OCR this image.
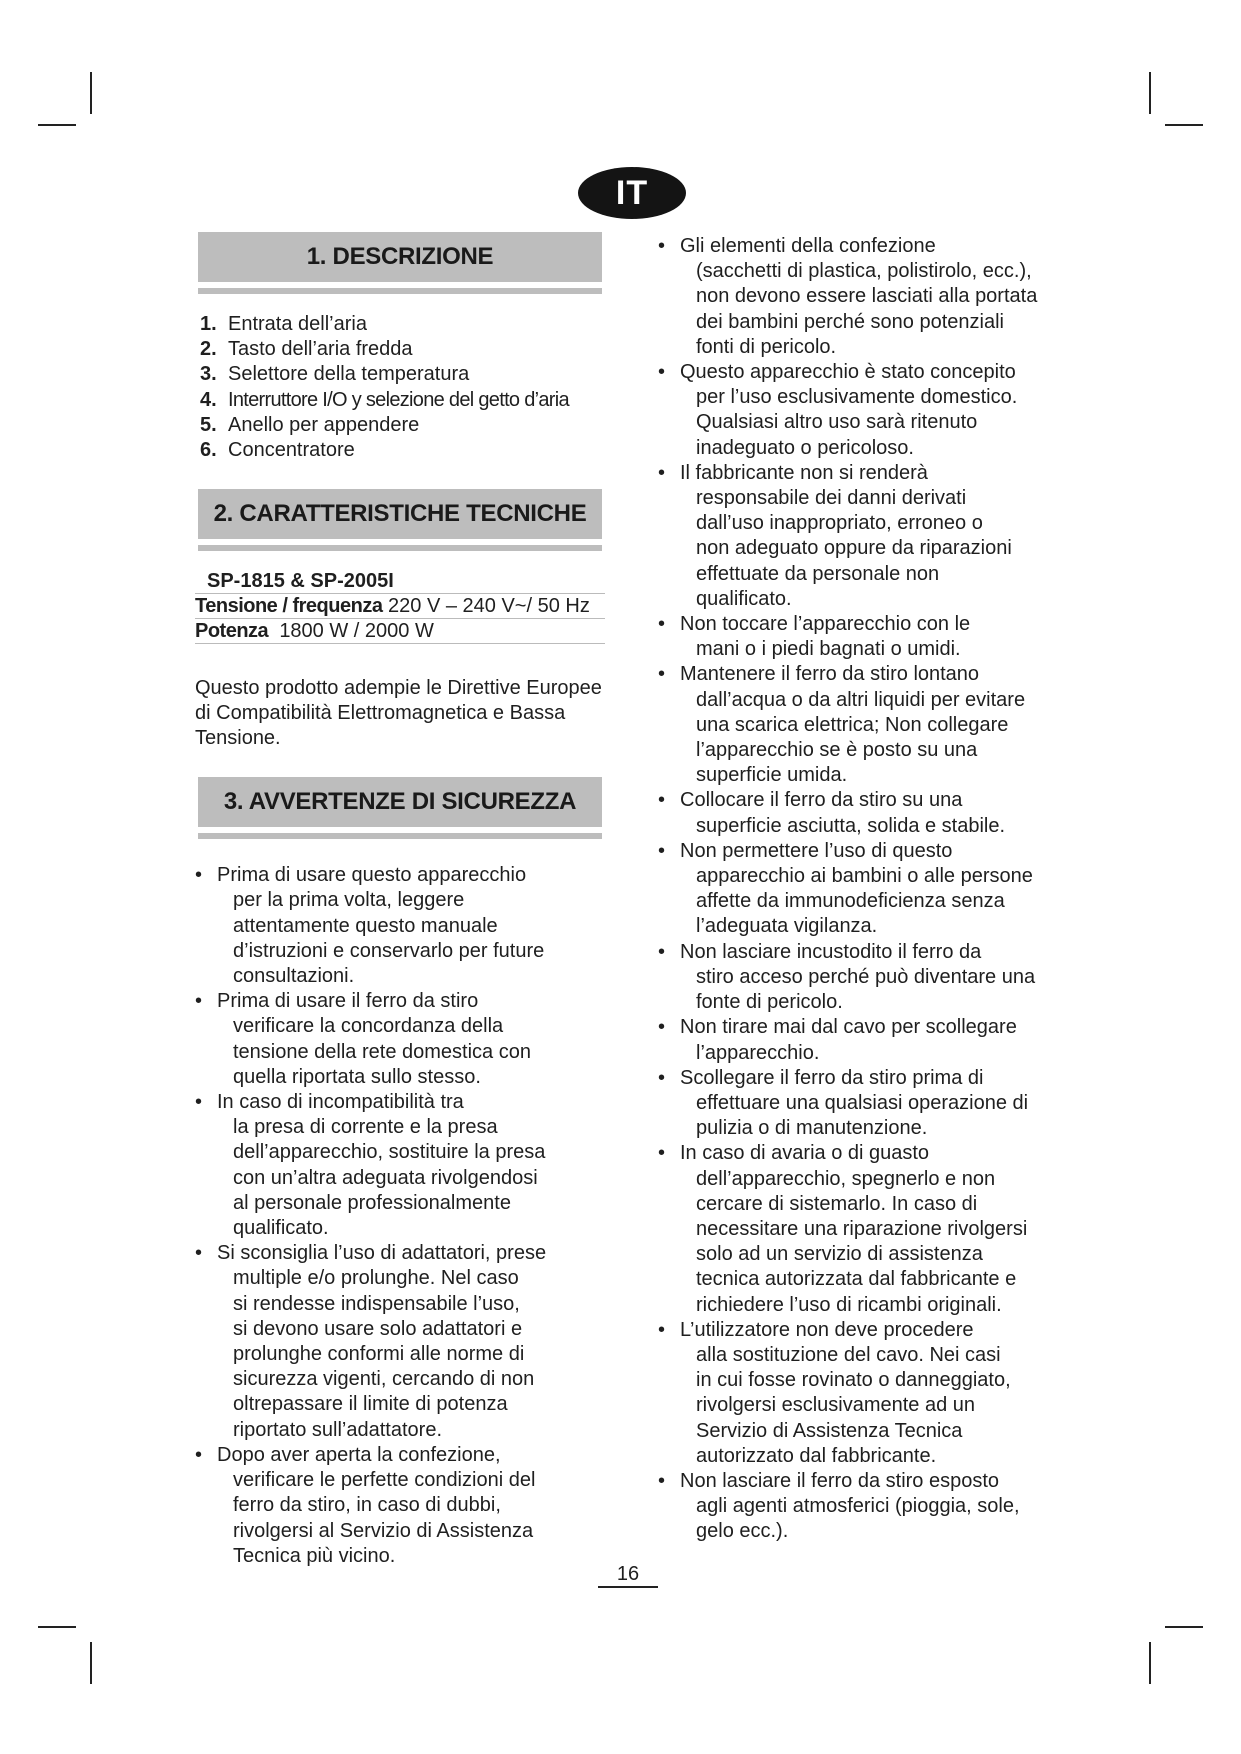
IT
1. DESCRIZIONE
1. Entrata dell’aria
2. Tasto dell’aria fredda
3. Selettore della temperatura
4. Interruttore I/O y selezione del getto d’aria
5. Anello per appendere
6. Concentratore
2. CARATTERISTICHE TECNICHE
SP-1815 & SP-2005I
Tensione / frequenza 220 V – 240 V~/ 50 Hz
Potenza 1800 W / 2000 W

Questo prodotto adempie le Direttive Europee di Compatibilità Elettromagnetica e Bassa Tensione.

3. AVVERTENZE DI SICUREZZA
• Prima di usare questo apparecchio
per la prima volta, leggere
attentamente questo manuale
d’istruzioni e conservarlo per future
consultazioni.
• Prima di usare il ferro da stiro
verificare la concordanza della
tensione della rete domestica con
quella riportata sullo stesso.
• In caso di incompatibilità tra
la presa di corrente e la presa
dell’apparecchio, sostituire la presa
con un’altra adeguata rivolgendosi
al personale professionalmente
qualificato.
• Si sconsiglia l’uso di adattatori, prese
multiple e/o prolunghe. Nel caso
si rendesse indispensabile l’uso,
si devono usare solo adattatori e
prolunghe conformi alle norme di
sicurezza vigenti, cercando di non
oltrepassare il limite di potenza
riportato sull’adattatore.
• Dopo aver aperta la confezione,
verificare le perfette condizioni del
ferro da stiro, in caso di dubbi,
rivolgersi al Servizio di Assistenza
Tecnica più vicino.
• Gli elementi della confezione
(sacchetti di plastica, polistirolo, ecc.),
non devono essere lasciati alla portata
dei bambini perché sono potenziali
fonti di pericolo.
• Questo apparecchio è stato concepito
per l’uso esclusivamente domestico.
Qualsiasi altro uso sarà ritenuto
inadeguato o pericoloso.
• Il fabbricante non si renderà
responsabile dei danni derivati
dall’uso inappropriato, erroneo o
non adeguato oppure da riparazioni
effettuate da personale non
qualificato.
• Non toccare l’apparecchio con le
mani o i piedi bagnati o umidi.
• Mantenere il ferro da stiro lontano
dall’acqua o da altri liquidi per evitare
una scarica elettrica; Non collegare
l’apparecchio se è posto su una
superficie umida.
• Collocare il ferro da stiro su una
superficie asciutta, solida e stabile.
• Non permettere l’uso di questo
apparecchio ai bambini o alle persone
affette da immunodeficienza senza
l’adeguata vigilanza.
• Non lasciare incustodito il ferro da
stiro acceso perché può diventare una
fonte di pericolo.
• Non tirare mai dal cavo per scollegare
l’apparecchio.
• Scollegare il ferro da stiro prima di
effettuare una qualsiasi operazione di
pulizia o di manutenzione.
• In caso di avaria o di guasto
dell’apparecchio, spegnerlo e non
cercare di sistemarlo. In caso di
necessitare una riparazione rivolgersi
solo ad un servizio di assistenza
tecnica autorizzata dal fabbricante e
richiedere l’uso di ricambi originali.
• L’utilizzatore non deve procedere
alla sostituzione del cavo. Nei casi
in cui fosse rovinato o danneggiato,
rivolgersi esclusivamente ad un
Servizio di Assistenza Tecnica
autorizzato dal fabbricante.
• Non lasciare il ferro da stiro esposto
agli agenti atmosferici (pioggia, sole,
gelo ecc.).
16
